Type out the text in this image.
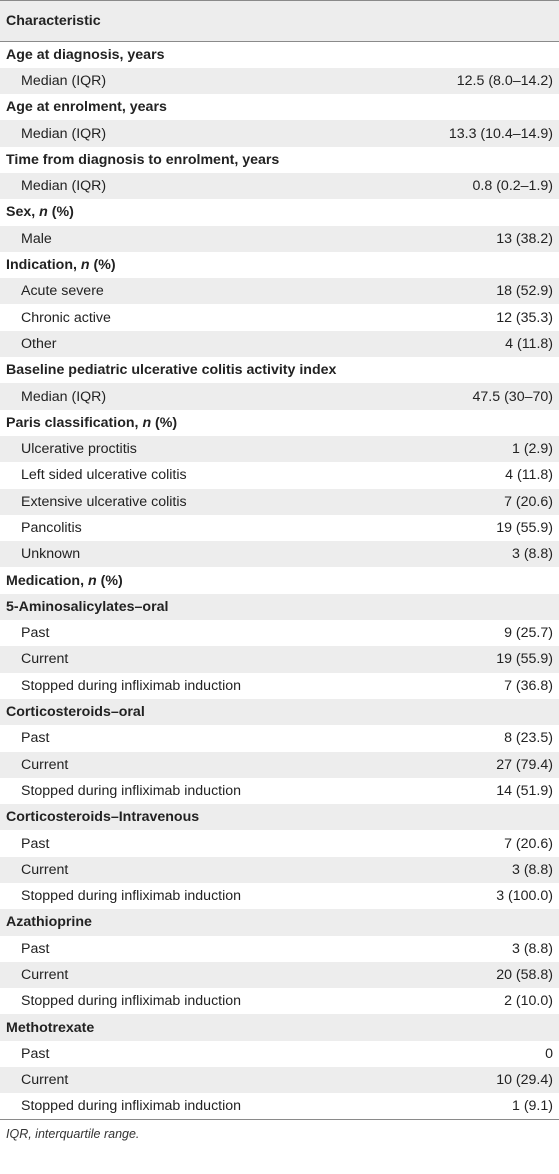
Characteristic	
Age at diagnosis, years	
Median (IQR)	12.5 (8.0–14.2)
Age at enrolment, years	
Median (IQR)	13.3 (10.4–14.9)
Time from diagnosis to enrolment, years	
Median (IQR)	0.8 (0.2–1.9)
Sex, n (%)	
Male	13 (38.2)
Indication, n (%)	
Acute severe	18 (52.9)
Chronic active	12 (35.3)
Other	4 (11.8)
Baseline pediatric ulcerative colitis activity index	
Median (IQR)	47.5 (30–70)
Paris classification, n (%)	
Ulcerative proctitis	1 (2.9)
Left sided ulcerative colitis	4 (11.8)
Extensive ulcerative colitis	7 (20.6)
Pancolitis	19 (55.9)
Unknown	3 (8.8)
Medication, n (%)	
5-Aminosalicylates–oral	
Past	9 (25.7)
Current	19 (55.9)
Stopped during infliximab induction	7 (36.8)
Corticosteroids–oral	
Past	8 (23.5)
Current	27 (79.4)
Stopped during infliximab induction	14 (51.9)
Corticosteroids–Intravenous	
Past	7 (20.6)
Current	3 (8.8)
Stopped during infliximab induction	3 (100.0)
Azathioprine	
Past	3 (8.8)
Current	20 (58.8)
Stopped during infliximab induction	2 (10.0)
Methotrexate	
Past	0
Current	10 (29.4)
Stopped during infliximab induction	1 (9.1)
IQR, interquartile range.
